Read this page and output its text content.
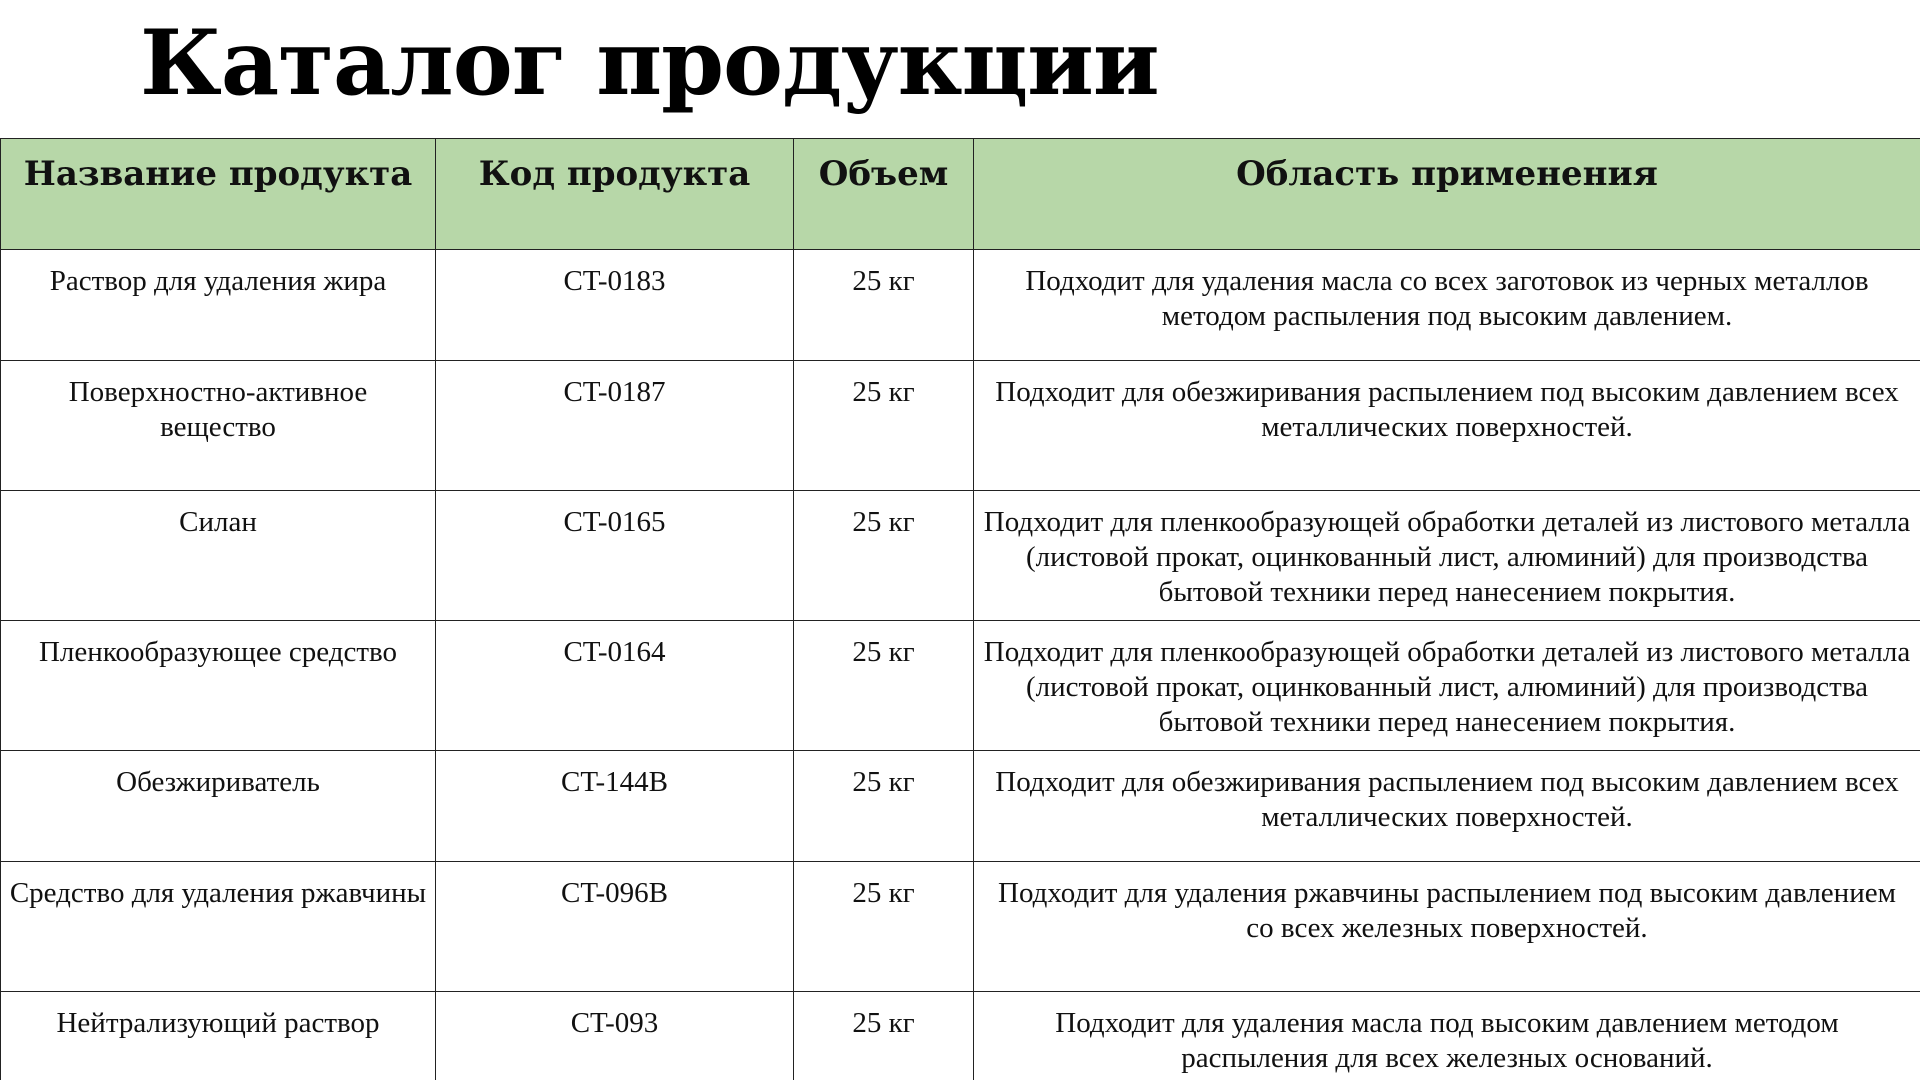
Каталог продукции
Название продукта	Код продукта	Объем	Область применения
Раствор для удаления жира	CT-0183	25 кг	Подходит для удаления масла со всех заготовок из черных металлов методом распыления под высоким давлением.
Поверхностно-активное вещество	CT-0187	25 кг	Подходит для обезжиривания распылением под высоким давлением всех металлических поверхностей.
Силан	CT-0165	25 кг	Подходит для пленкообразующей обработки деталей из листового металла (листовой прокат, оцинкованный лист, алюминий) для производства бытовой техники перед нанесением покрытия.
Пленкообразующее средство	CT-0164	25 кг	Подходит для пленкообразующей обработки деталей из листового металла (листовой прокат, оцинкованный лист, алюминий) для производства бытовой техники перед нанесением покрытия.
Обезжириватель	CT-144B	25 кг	Подходит для обезжиривания распылением под высоким давлением всех металлических поверхностей.
Средство для удаления ржавчины	CT-096B	25 кг	Подходит для удаления ржавчины распылением под высоким давлением со всех железных поверхностей.
Нейтрализующий раствор	CT-093	25 кг	Подходит для удаления масла под высоким давлением методом распыления для всех железных оснований.
